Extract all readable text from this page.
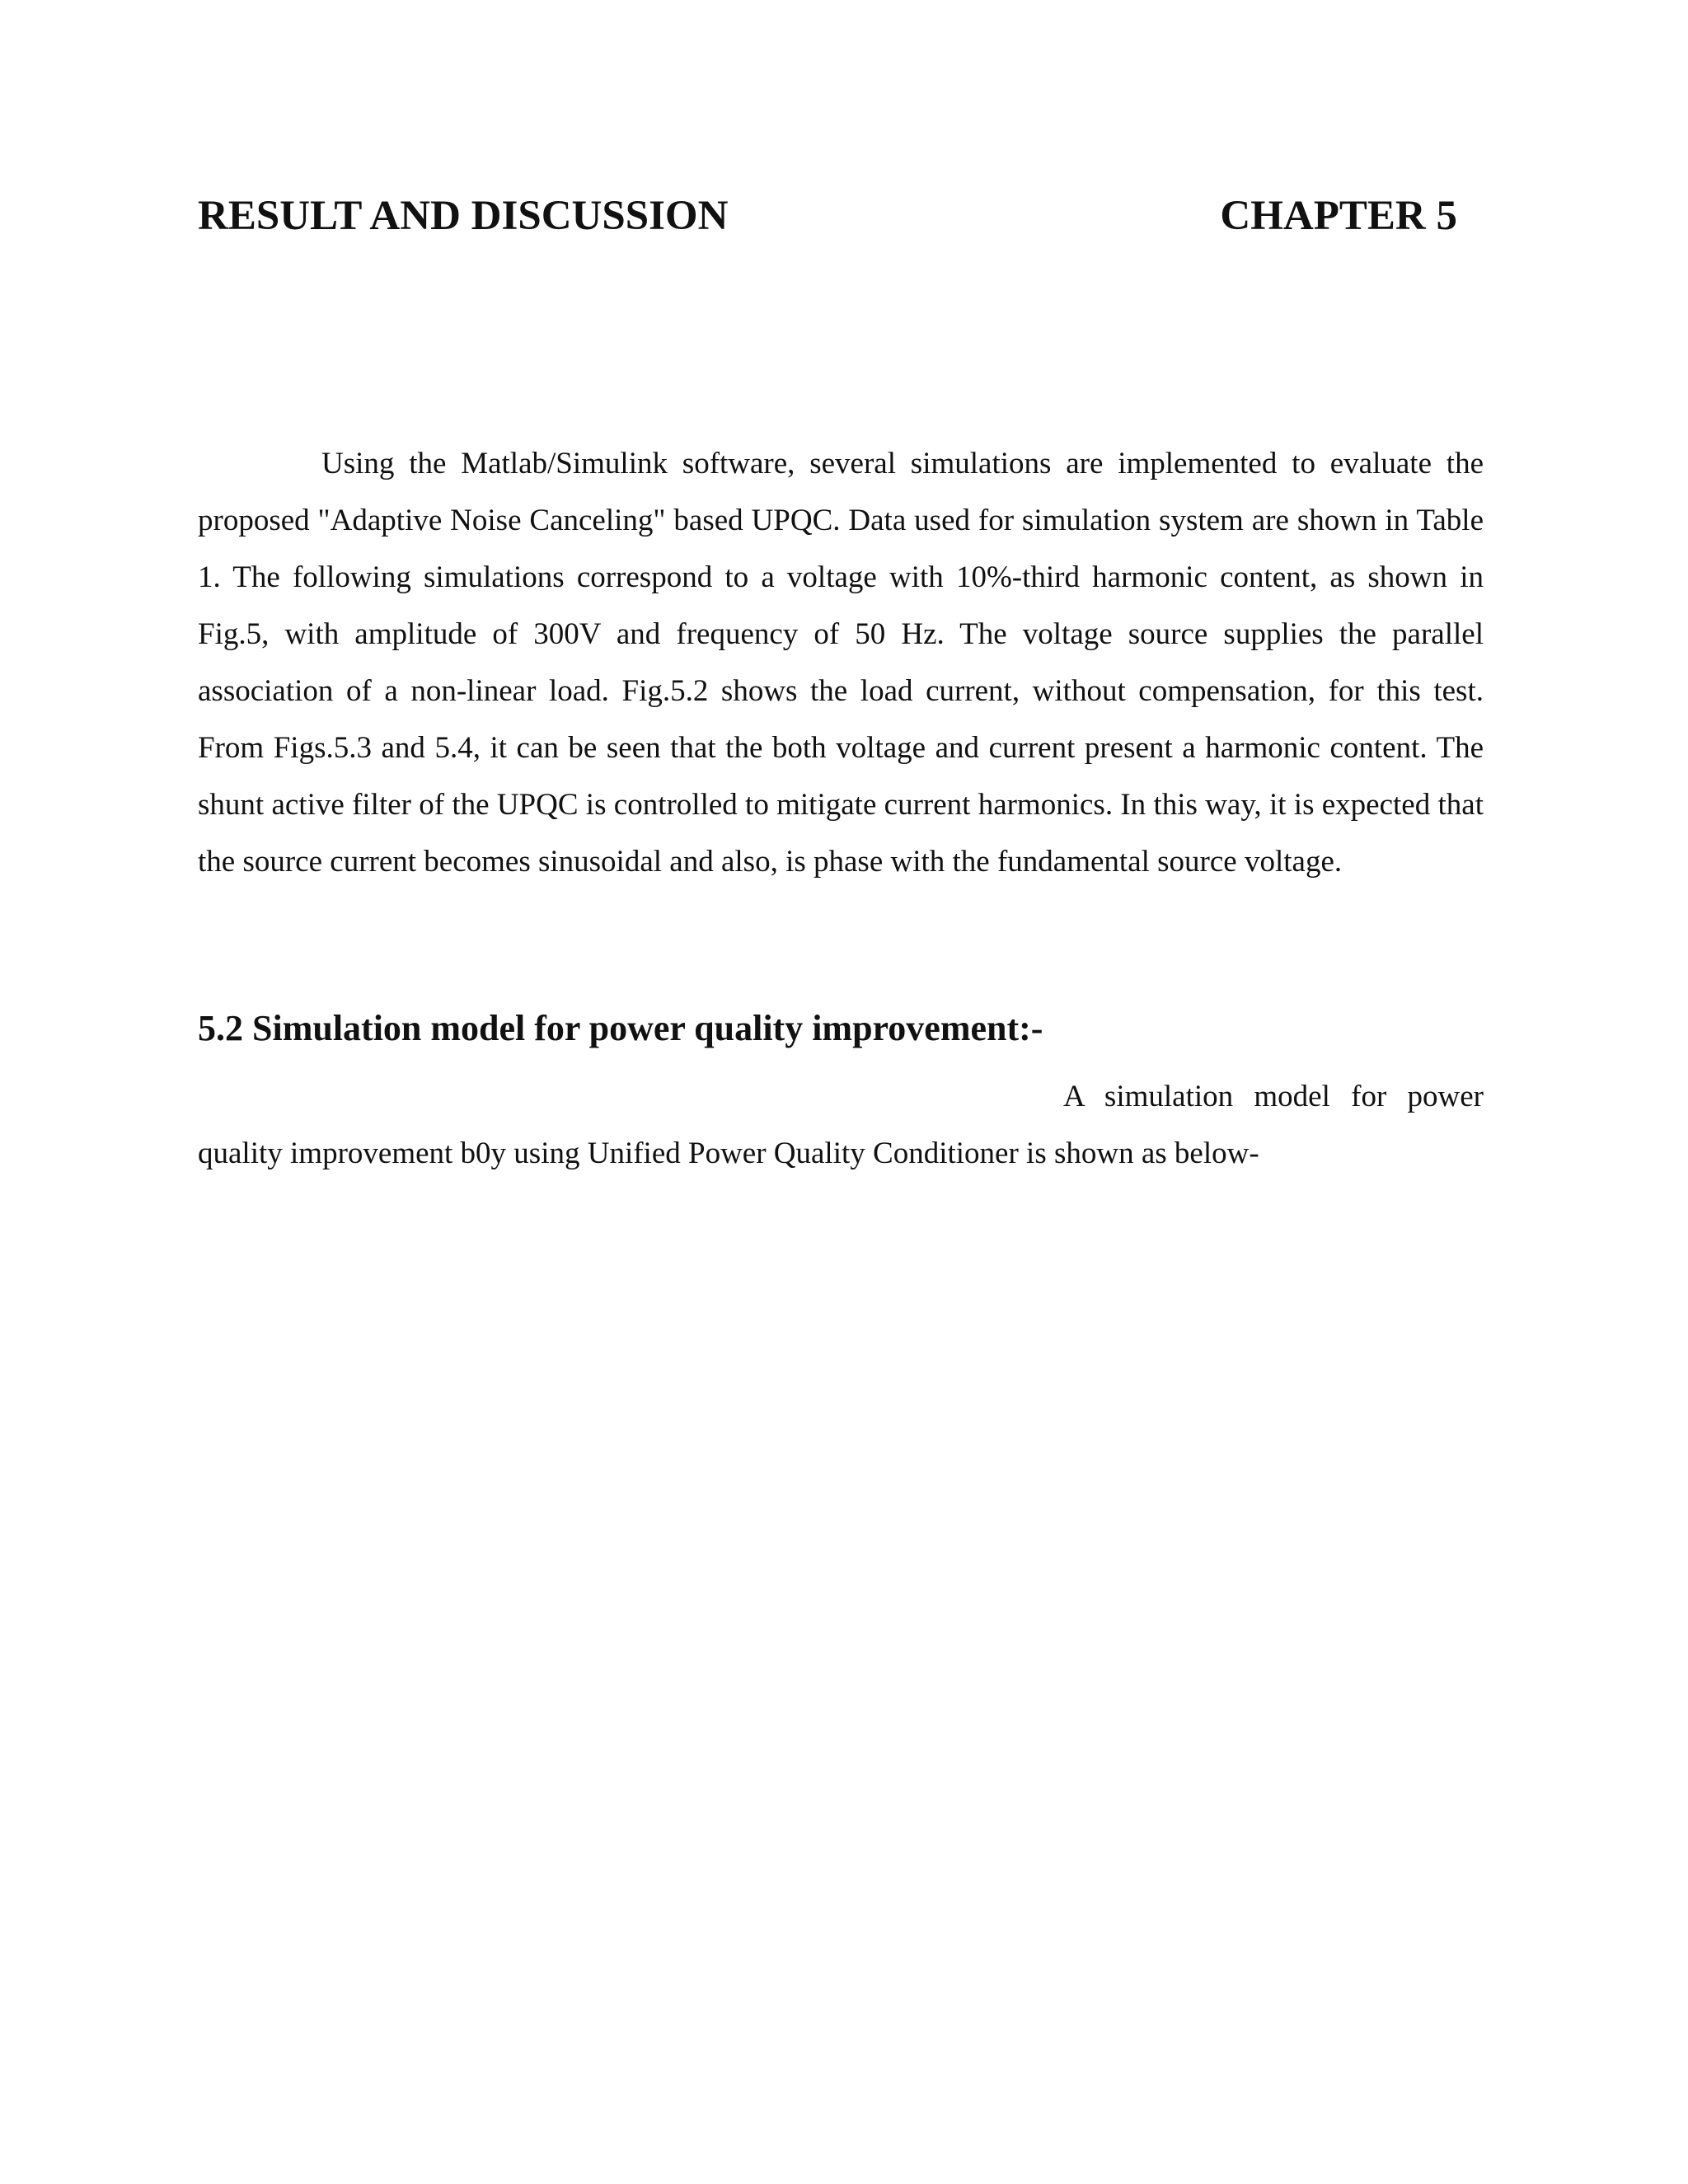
RESULT AND DISCUSSION	CHAPTER 5

Using the Matlab/Simulink software, several simulations are implemented to evaluate the proposed "Adaptive Noise Canceling" based UPQC. Data used for simulation system are shown in Table 1. The following simulations correspond to a voltage with 10%-third harmonic content, as shown in Fig.5, with amplitude of 300V and frequency of 50 Hz. The voltage source supplies the parallel association of a non-linear load. Fig.5.2 shows the load current, without compensation, for this test. From Figs.5.3 and 5.4, it can be seen that the both voltage and current present a harmonic content. The shunt active filter of the UPQC is controlled to mitigate current harmonics. In this way, it is expected that the source current becomes sinusoidal and also, is phase with the fundamental source voltage.

5.2 Simulation model for power quality improvement:-

A simulation model for power quality improvement b0y using Unified Power Quality Conditioner is shown as below-
